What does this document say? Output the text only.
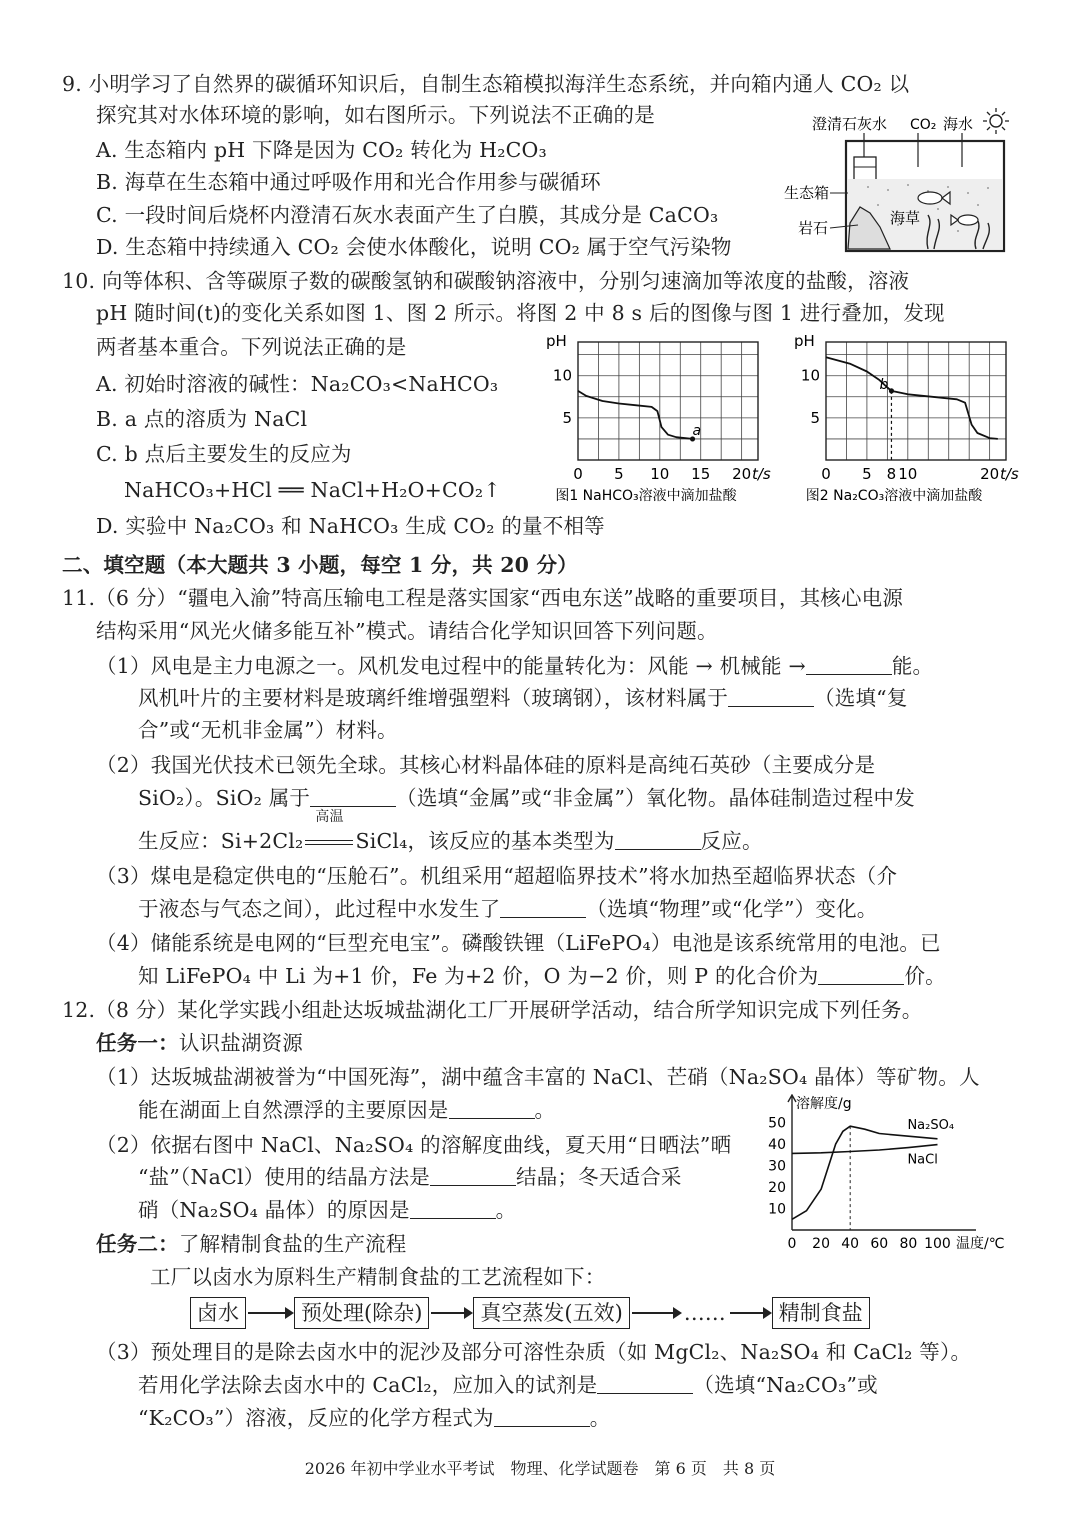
9. 小明学习了自然界的碳循环知识后，自制生态箱模拟海洋生态系统，并向箱内通人 CO₂ 以
探究其对水体环境的影响，如右图所示。下列说法不正确的是
A. 生态箱内 pH 下降是因为 CO₂ 转化为 H₂CO₃
B. 海草在生态箱中通过呼吸作用和光合作用参与碳循环
C. 一段时间后烧杯内澄清石灰水表面产生了白膜，其成分是 CaCO₃
D. 生态箱中持续通入 CO₂ 会使水体酸化，说明 CO₂ 属于空气污染物
澄清石灰水 CO₂ 海水
海草
生态箱
岩石
10. 向等体积、含等碳原子数的碳酸氢钠和碳酸钠溶液中，分别匀速滴加等浓度的盐酸，溶液
pH 随时间(t)的变化关系如图 1、图 2 所示。将图 2 中 8 s 后的图像与图 1 进行叠加，发现
两者基本重合。下列说法正确的是
A. 初始时溶液的碱性：Na₂CO₃<NaHCO₃
B. a 点的溶质为 NaCl
C. b 点后主要发生的反应为
NaHCO₃+HCl ══ NaCl+H₂O+CO₂↑
D. 实验中 Na₂CO₃ 和 NaHCO₃ 生成 CO₂ 的量不相等
pH
5
10
0 5 10 15 20 t/s
a
图1 NaHCO₃溶液中滴加盐酸
pH
5
10
0 5 8 10	20 t/s
b
图2 Na₂CO₃溶液中滴加盐酸
二、填空题（本大题共 3 小题，每空 1 分，共 20 分）
11.（6 分）“疆电入渝”特高压输电工程是落实国家“西电东送”战略的重要项目，其核心电源
结构采用“风光火储多能互补”模式。请结合化学知识回答下列问题。
（1）风电是主力电源之一。风机发电过程中的能量转化为：风能 → 机械能 →	能。
风机叶片的主要材料是玻璃纤维增强塑料（玻璃钢），该材料属于	（选填“复
合”或“无机非金属”）材料。
（2）我国光伏技术已领先全球。其核心材料晶体硅的原料是高纯石英砂（主要成分是
SiO₂）。SiO₂ 属于	（选填“金属”或“非金属”）氧化物。晶体硅制造过程中发
生反应：Si+2Cl₂
高温
SiCl₄，该反应的基本类型为	反应。
（3）煤电是稳定供电的“压舱石”。机组采用“超超临界技术”将水加热至超临界状态（介
于液态与气态之间），此过程中水发生了	（选填“物理”或“化学”）变化。
（4）储能系统是电网的“巨型充电宝”。磷酸铁锂（LiFePO₄）电池是该系统常用的电池。已
知 LiFePO₄ 中 Li 为+1 价，Fe 为+2 价，O 为−2 价，则 P 的化合价为	价。
12.（8 分）某化学实践小组赴达坂城盐湖化工厂开展研学活动，结合所学知识完成下列任务。
任务一：认识盐湖资源
（1）达坂城盐湖被誉为“中国死海”，湖中蕴含丰富的 NaCl、芒硝（Na₂SO₄ 晶体）等矿物。人
能在湖面上自然漂浮的主要原因是	。
（2）依据右图中 NaCl、Na₂SO₄ 的溶解度曲线，夏天用“日晒法”晒
“盐”（NaCl）使用的结晶方法是	结晶；冬天适合采
硝（Na₂SO₄ 晶体）的原因是	。
溶解度/g
10
20
30
40
50
0 20 40 60 80 100 温度/℃
Na₂SO₄
NaCl
任务二：了解精制食盐的生产流程
工厂以卤水为原料生产精制食盐的工艺流程如下：
卤水	预处理(除杂)	真空蒸发(五效)	……	精制食盐
（3）预处理目的是除去卤水中的泥沙及部分可溶性杂质（如 MgCl₂、Na₂SO₄ 和 CaCl₂ 等）。
若用化学法除去卤水中的 CaCl₂，应加入的试剂是	（选填“Na₂CO₃”或
“K₂CO₃”）溶液，反应的化学方程式为	。
2026 年初中学业水平考试　物理、化学试题卷　第 6 页　共 8 页
